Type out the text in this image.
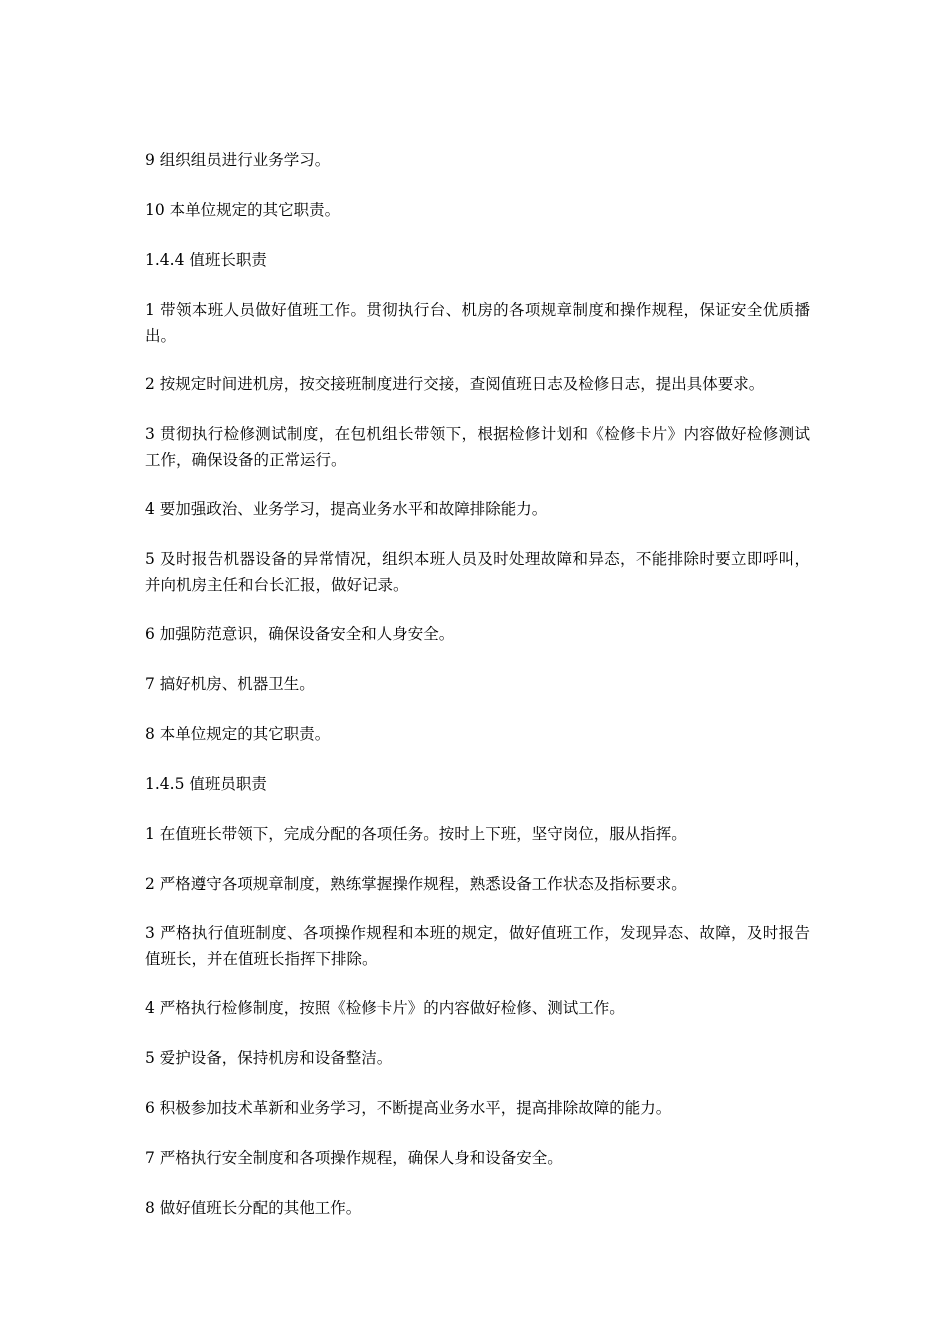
9 组织组员进行业务学习。

10 本单位规定的其它职责。

1.4.4 值班长职责

1 带领本班人员做好值班工作。贯彻执行台、机房的各项规章制度和操作规程，保证安全优质播出。

2 按规定时间进机房，按交接班制度进行交接，查阅值班日志及检修日志，提出具体要求。

3 贯彻执行检修测试制度，在包机组长带领下，根据检修计划和《检修卡片》内容做好检修测试工作，确保设备的正常运行。

4 要加强政治、业务学习，提高业务水平和故障排除能力。

5 及时报告机器设备的异常情况，组织本班人员及时处理故障和异态，不能排除时要立即呼叫，并向机房主任和台长汇报，做好记录。

6 加强防范意识，确保设备安全和人身安全。

7 搞好机房、机器卫生。

8 本单位规定的其它职责。

1.4.5 值班员职责

1 在值班长带领下，完成分配的各项任务。按时上下班，坚守岗位，服从指挥。

2 严格遵守各项规章制度，熟练掌握操作规程，熟悉设备工作状态及指标要求。

3 严格执行值班制度、各项操作规程和本班的规定，做好值班工作，发现异态、故障，及时报告值班长，并在值班长指挥下排除。

4 严格执行检修制度，按照《检修卡片》的内容做好检修、测试工作。

5 爱护设备，保持机房和设备整洁。

6 积极参加技术革新和业务学习，不断提高业务水平，提高排除故障的能力。

7 严格执行安全制度和各项操作规程，确保人身和设备安全。

8 做好值班长分配的其他工作。
